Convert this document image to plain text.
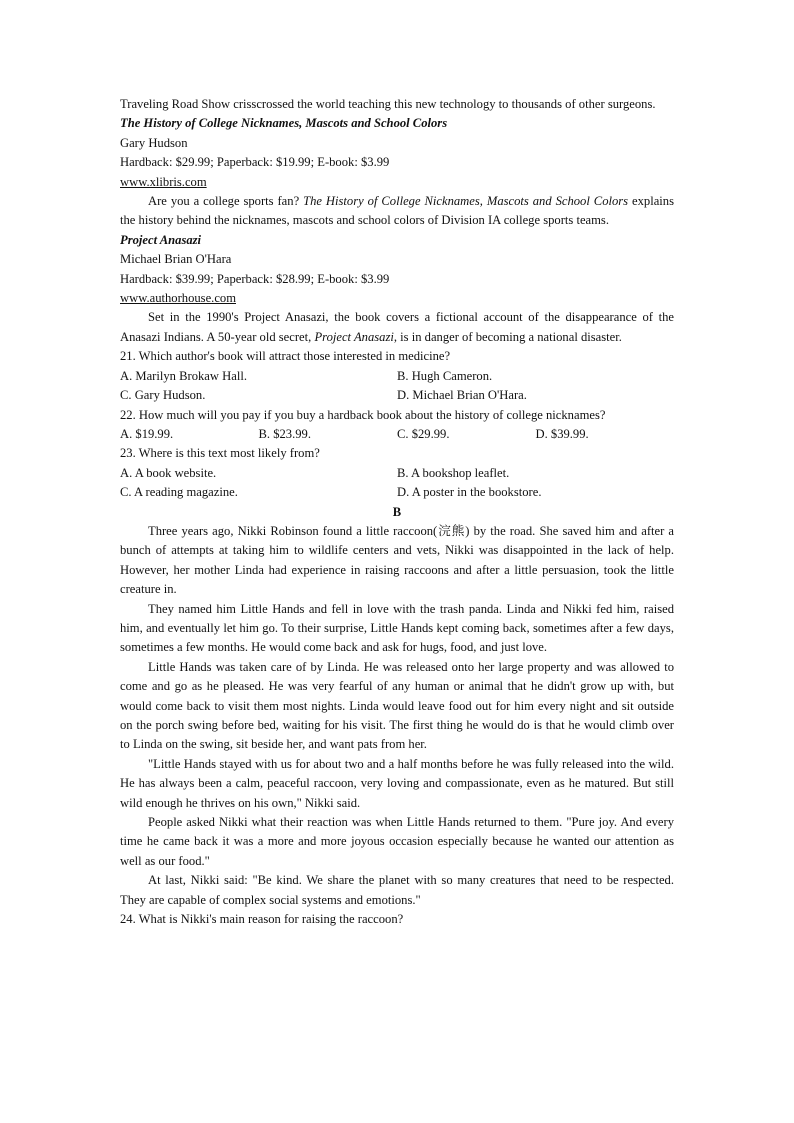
Traveling Road Show crisscrossed the world teaching this new technology to thousands of other surgeons.

The History of College Nicknames, Mascots and School Colors

Gary Hudson

Hardback: $29.99; Paperback: $19.99; E-book: $3.99

www.xlibris.com

Are you a college sports fan? The History of College Nicknames, Mascots and School Colors explains the history behind the nicknames, mascots and school colors of Division IA college sports teams.

Project Anasazi

Michael Brian O'Hara

Hardback: $39.99; Paperback: $28.99; E-book: $3.99

www.authorhouse.com

Set in the 1990's Project Anasazi, the book covers a fictional account of the disappearance of the Anasazi Indians. A 50-year old secret, Project Anasazi, is in danger of becoming a national disaster.

21. Which author's book will attract those interested in medicine?

A. Marilyn Brokaw Hall.	B. Hugh Cameron.
C. Gary Hudson.	D. Michael Brian O'Hara.

22. How much will you pay if you buy a hardback book about the history of college nicknames?

A. $19.99.	B. $23.99.	C. $29.99.	D. $39.99.

23. Where is this text most likely from?

A. A book website.	B. A bookshop leaflet.
C. A reading magazine.	D. A poster in the bookstore.

B

Three years ago, Nikki Robinson found a little raccoon(浣熊) by the road. She saved him and after a bunch of attempts at taking him to wildlife centers and vets, Nikki was disappointed in the lack of help. However, her mother Linda had experience in raising raccoons and after a little persuasion, took the little creature in.

They named him Little Hands and fell in love with the trash panda. Linda and Nikki fed him, raised him, and eventually let him go. To their surprise, Little Hands kept coming back, sometimes after a few days, sometimes a few months. He would come back and ask for hugs, food, and just love.

Little Hands was taken care of by Linda. He was released onto her large property and was allowed to come and go as he pleased. He was very fearful of any human or animal that he didn't grow up with, but would come back to visit them most nights. Linda would leave food out for him every night and sit outside on the porch swing before bed, waiting for his visit. The first thing he would do is that he would climb over to Linda on the swing, sit beside her, and want pats from her.

"Little Hands stayed with us for about two and a half months before he was fully released into the wild. He has always been a calm, peaceful raccoon, very loving and compassionate, even as he matured. But still wild enough he thrives on his own," Nikki said.

People asked Nikki what their reaction was when Little Hands returned to them. "Pure joy. And every time he came back it was a more and more joyous occasion especially because he wanted our attention as well as our food."

At last, Nikki said: "Be kind. We share the planet with so many creatures that need to be respected. They are capable of complex social systems and emotions."

24. What is Nikki's main reason for raising the raccoon?
